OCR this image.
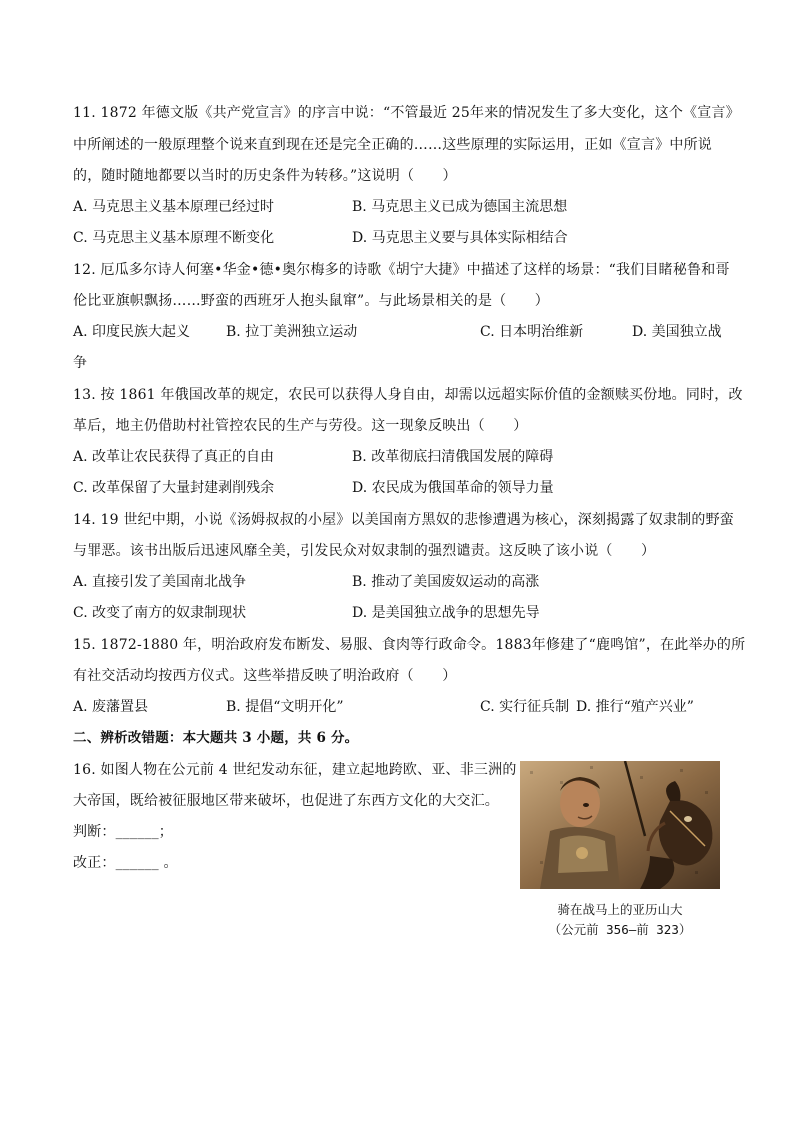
11. 1872 年德文版《共产党宣言》的序言中说：“不管最近 25年来的情况发生了多大变化，这个《宣言》
中所阐述的一般原理整个说来直到现在还是完全正确的……这些原理的实际运用，正如《宣言》中所说
的，随时随地都要以当时的历史条件为转移。”这说明（　　）
A. 马克思主义基本原理已经过时	B. 马克思主义已成为德国主流思想
C. 马克思主义基本原理不断变化	D. 马克思主义要与具体实际相结合
12. 厄瓜多尔诗人何塞•华金•德•奥尔梅多的诗歌《胡宁大捷》中描述了这样的场景：“我们目睹秘鲁和哥
伦比亚旗帜飘扬……野蛮的西班牙人抱头鼠窜”。与此场景相关的是（　　）
A. 印度民族大起义	B. 拉丁美洲独立运动	C. 日本明治维新	D. 美国独立战
争
13. 按 1861 年俄国改革的规定，农民可以获得人身自由，却需以远超实际价值的金额赎买份地。同时，改
革后，地主仍借助村社管控农民的生产与劳役。这一现象反映出（　　）
A. 改革让农民获得了真正的自由	B. 改革彻底扫清俄国发展的障碍
C. 改革保留了大量封建剥削残余	D. 农民成为俄国革命的领导力量
14. 19 世纪中期，小说《汤姆叔叔的小屋》以美国南方黑奴的悲惨遭遇为核心，深刻揭露了奴隶制的野蛮
与罪恶。该书出版后迅速风靡全美，引发民众对奴隶制的强烈谴责。这反映了该小说（　　）
A. 直接引发了美国南北战争	B. 推动了美国废奴运动的高涨
C. 改变了南方的奴隶制现状	D. 是美国独立战争的思想先导
15. 1872-1880 年，明治政府发布断发、易服、食肉等行政命令。1883年修建了“鹿鸣馆”，在此举办的所
有社交活动均按西方仪式。这些举措反映了明治政府（　　）
A. 废藩置县	B. 提倡“文明开化”	C. 实行征兵制 D. 推行“殖产兴业”
二、辨析改错题：本大题共 3 小题，共 6 分。
16. 如图人物在公元前 4 世纪发动东征，建立起地跨欧、亚、非三洲的
大帝国，既给被征服地区带来破坏，也促进了东西方文化的大交汇。
判断：______；
改正：______ 。
骑在战马上的亚历山大
（公元前 356—前 323）
